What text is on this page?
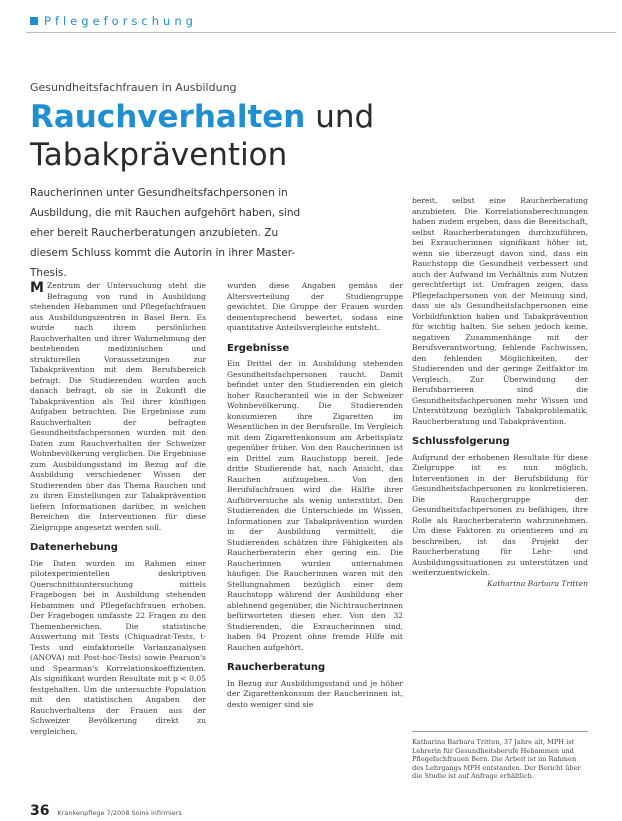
Pflegeforschung
Gesundheitsfachfrauen in Ausbildung
Rauchverhalten und Tabakprävention
Raucherinnen unter Gesundheitsfachpersonen in Ausbildung, die mit Rauchen aufgehört haben, sind eher bereit Raucherberatungen anzubieten. Zu diesem Schluss kommt die Autorin in ihrer Master-Thesis.

M Zentrum der Untersuchung steht die Befragung von rund in Ausbildung stehenden Hebammen und Pflegefachfrauen aus Ausbildungszentren in Basel Bern. Es wurde nach ihrem persönlichen Rauchverhalten und ihrer Wahrnehmung der bestehenden medizinischen und strukturellen Voraussetzungen zur Tabakprävention mit dem Berufsbereich befragt. Die Studierenden wurden auch danach befragt, ob sie in Zukunft die Tabakprävention als Teil ihrer künftigen Aufgaben betrachten. Die Ergebnisse zum Rauchverhalten der befragten Gesundheitsfachpersonen wurden mit den Daten zum Rauchverhalten der Schweizer Wohnbevölkerung verglichen. Die Ergebnisse zum Ausbildungsstand im Bezug auf die Ausbildung verschiedener Wissen der Studierenden über das Thema Rauchen und zu ihren Einstellungen zur Tabakprävention liefern Informationen darüber, in welchen Bereichen die Interventionen für diese Zielgruppe angesetzt werden soll.

Datenerhebung

Die Daten wurden im Rahmen einer pilotexperimentellen deskriptiven Querschnittsuntersuchung mittels Fragebogen bei in Ausbildung stehenden Hebammen und Pflegefachfrauen erhoben. Der Fragebogen umfasste 22 Fragen zu den Themenbereichen. Die statistische Auswertung mit Tests (Chiquadrat-Tests, t-Tests und einfaktorielle Varianzanalysen (ANOVA) mit Post-hoc-Tests) sowie Pearson's und Spearman's Korrelationskoeffizienten. Als signifikant wurden Resultate mit p < 0,05 festgehalten. Um die untersuchte Population mit den statistischen Angaben der Rauchverhaltens der Frauen aus der Schweizer Bevölkerung direkt zu vergleichen,

wurden diese Angaben gemäss der Altersverteilung der Studiengruppe gewichtet. Die Gruppe der Frauen wurden dementsprechend bewertet, sodass eine quantitative Anteilsvergleiche entsteht.

Ergebnisse

Ein Drittel der in Ausbildung stehenden Gesundheitsfachpersonen raucht. Damit befindet unter den Studierenden ein gleich hoher Raucheranteil wie in der Schweizer Wohnbevölkerung. Die Studierenden konsumieren ihre Zigaretten im Wesentlichen in der Berufsrolle. Im Vergleich mit dem Zigarettenkonsum am Arbeitsplatz gegenüber früher. Von den Raucherinnen ist ein Drittel zum Rauchstopp bereit. Jede dritte Studierende hat, nach Ansicht, das Rauchen aufzugeben. Von den Berufsfachfrauen wird die Hälfte ihrer Aufhörversuche als wenig unterstützt. Den Studierenden die Unterschiede im Wissen, Informationen zur Tabakprävention wurden in der Ausbildung vermittelt, die Studierenden schätzen ihre Fähigkeiten als Raucherberaterin eher gering ein. Die Raucherinnen wurden unternahmen häufiger. Die Raucherinnen waren mit den Stellungnahmen bezüglich einer dem Rauchstopp während der Ausbildung eher ablehnend gegenüber, die Nichtraucherinnen befürworteten diesen eher. Von den 32 Studierenden, die Exraucherinnen sind, haben 94 Prozent ohne fremde Hilfe mit Rauchen aufgehört.

Raucherberatung

In Bezug zur Ausbildungsstand und je höher der Zigarettenkonsum der Raucherinnen ist, desto weniger sind sie

bereit, selbst eine Raucherberatung anzubieten. Die Korrelationsberechnungen haben zudem ergeben, dass die Bereitschaft, selbst Raucherberatungen durchzuführen, bei Exraucherinnen signifikant höher ist, wenn sie überzeugt davon sind, dass ein Rauchstopp die Gesundheit verbessert und auch der Aufwand im Verhältnis zum Nutzen gerechtfertigt ist. Umfragen zeigen, dass Pflegefachpersonen von der Meinung sind, dass sie als Gesundheitsfachpersonen eine Vorbildfunktion haben und Tabakprävention für wichtig halten. Sie sehen jedoch keine, negativen Zusammenhänge mit der Berufsverantwortung, fehlende Fachwissen, den fehlenden Möglichkeiten, der Studierenden und der geringe Zeitfaktor im Vergleich. Zur Überwindung der Berufsbarrieren sind die Gesundheitsfachpersonen mehr Wissen und Unterstützung bezüglich Tabakproblematik, Raucherberatung und Tabakprävention.

Schlussfolgerung

Aufgrund der erhobenen Resultate für diese Zielgruppe ist es nun möglich, Interventionen in der Berufsbildung für Gesundheitsfachpersonen zu konkretisieren. Die Rauchergruppe der Gesundheitsfachpersonen zu befähigen, ihre Rolle als Raucherberaterin wahrzunehmen. Um diese Faktoren zu orientieren und zu beschreiben, ist das Projekt der Raucherberatung für Lehr- und Ausbildungssituationen zu unterstützen und weiterzuentwickeln.

Katharina Barbara Tritten

Katharina Barbara Tritten, 37 Jahre alt, MPH ist Lehrerin für Gesundheitsberufe Hebammen und Pflegefachfrauen Bern. Die Arbeit ist im Rahmen des Lehrgangs MPH entstanden. Der Bericht über die Studie ist auf Anfrage erhältlich.
36 Krankenpflege 7/2008 Soins infirmiers
